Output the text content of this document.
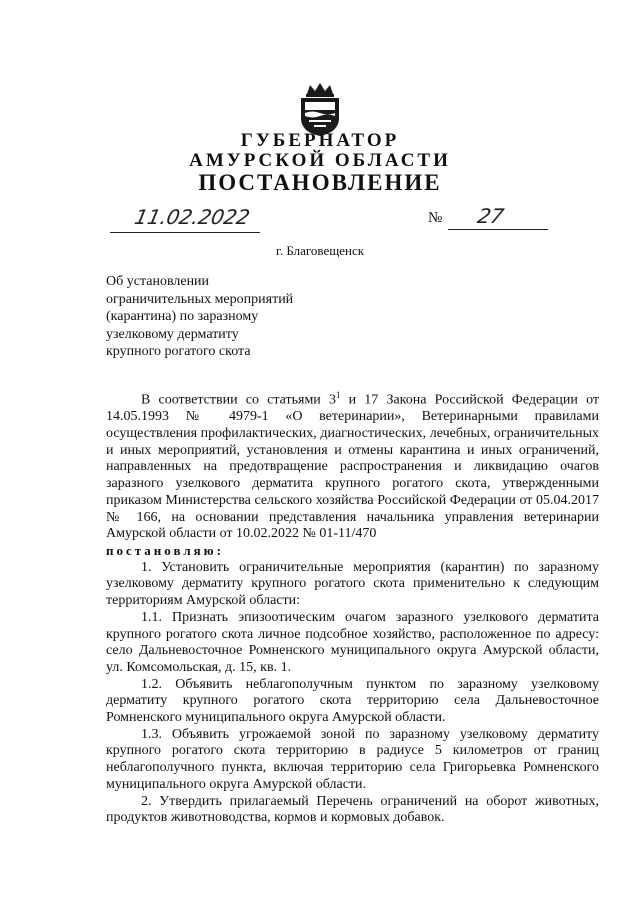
ГУБЕРНАТОР
АМУРСКОЙ ОБЛАСТИ
ПОСТАНОВЛЕНИЕ
11.02.2022	№ 27
г. Благовещенск
Об установлении
ограничительных мероприятий
(карантина) по заразному
узелковому дерматиту
крупного рогатого скота

В соответствии со статьями $3^1$ и 17 Закона Российской Федерации от 14.05.1993 № 4979-1 «О ветеринарии», Ветеринарными правилами осуществления профилактических, диагностических, лечебных, ограничительных и иных мероприятий, установления и отмены карантина и иных ограничений, направленных на предотвращение распространения и ликвидацию очагов заразного узелкового дерматита крупного рогатого скота, утвержденными приказом Министерства сельского хозяйства Российской Федерации от 05.04.2017 № 166, на основании представления начальника управления ветеринарии Амурской области от 10.02.2022 № 01-11/470

постановляю:

1. Установить ограничительные мероприятия (карантин) по заразному узелковому дерматиту крупного рогатого скота применительно к следующим территориям Амурской области:

1.1. Признать эпизоотическим очагом заразного узелкового дерматита крупного рогатого скота личное подсобное хозяйство, расположенное по адресу: село Дальневосточное Ромненского муниципального округа Амурской области, ул. Комсомольская, д. 15, кв. 1.

1.2. Объявить неблагополучным пунктом по заразному узелковому дерматиту крупного рогатого скота территорию села Дальневосточное Ромненского муниципального округа Амурской области.

1.3. Объявить угрожаемой зоной по заразному узелковому дерматиту крупного рогатого скота территорию в радиусе 5 километров от границ неблагополучного пункта, включая территорию села Григорьевка Ромненского муниципального округа Амурской области.

2. Утвердить прилагаемый Перечень ограничений на оборот животных, продуктов животноводства, кормов и кормовых добавок.
